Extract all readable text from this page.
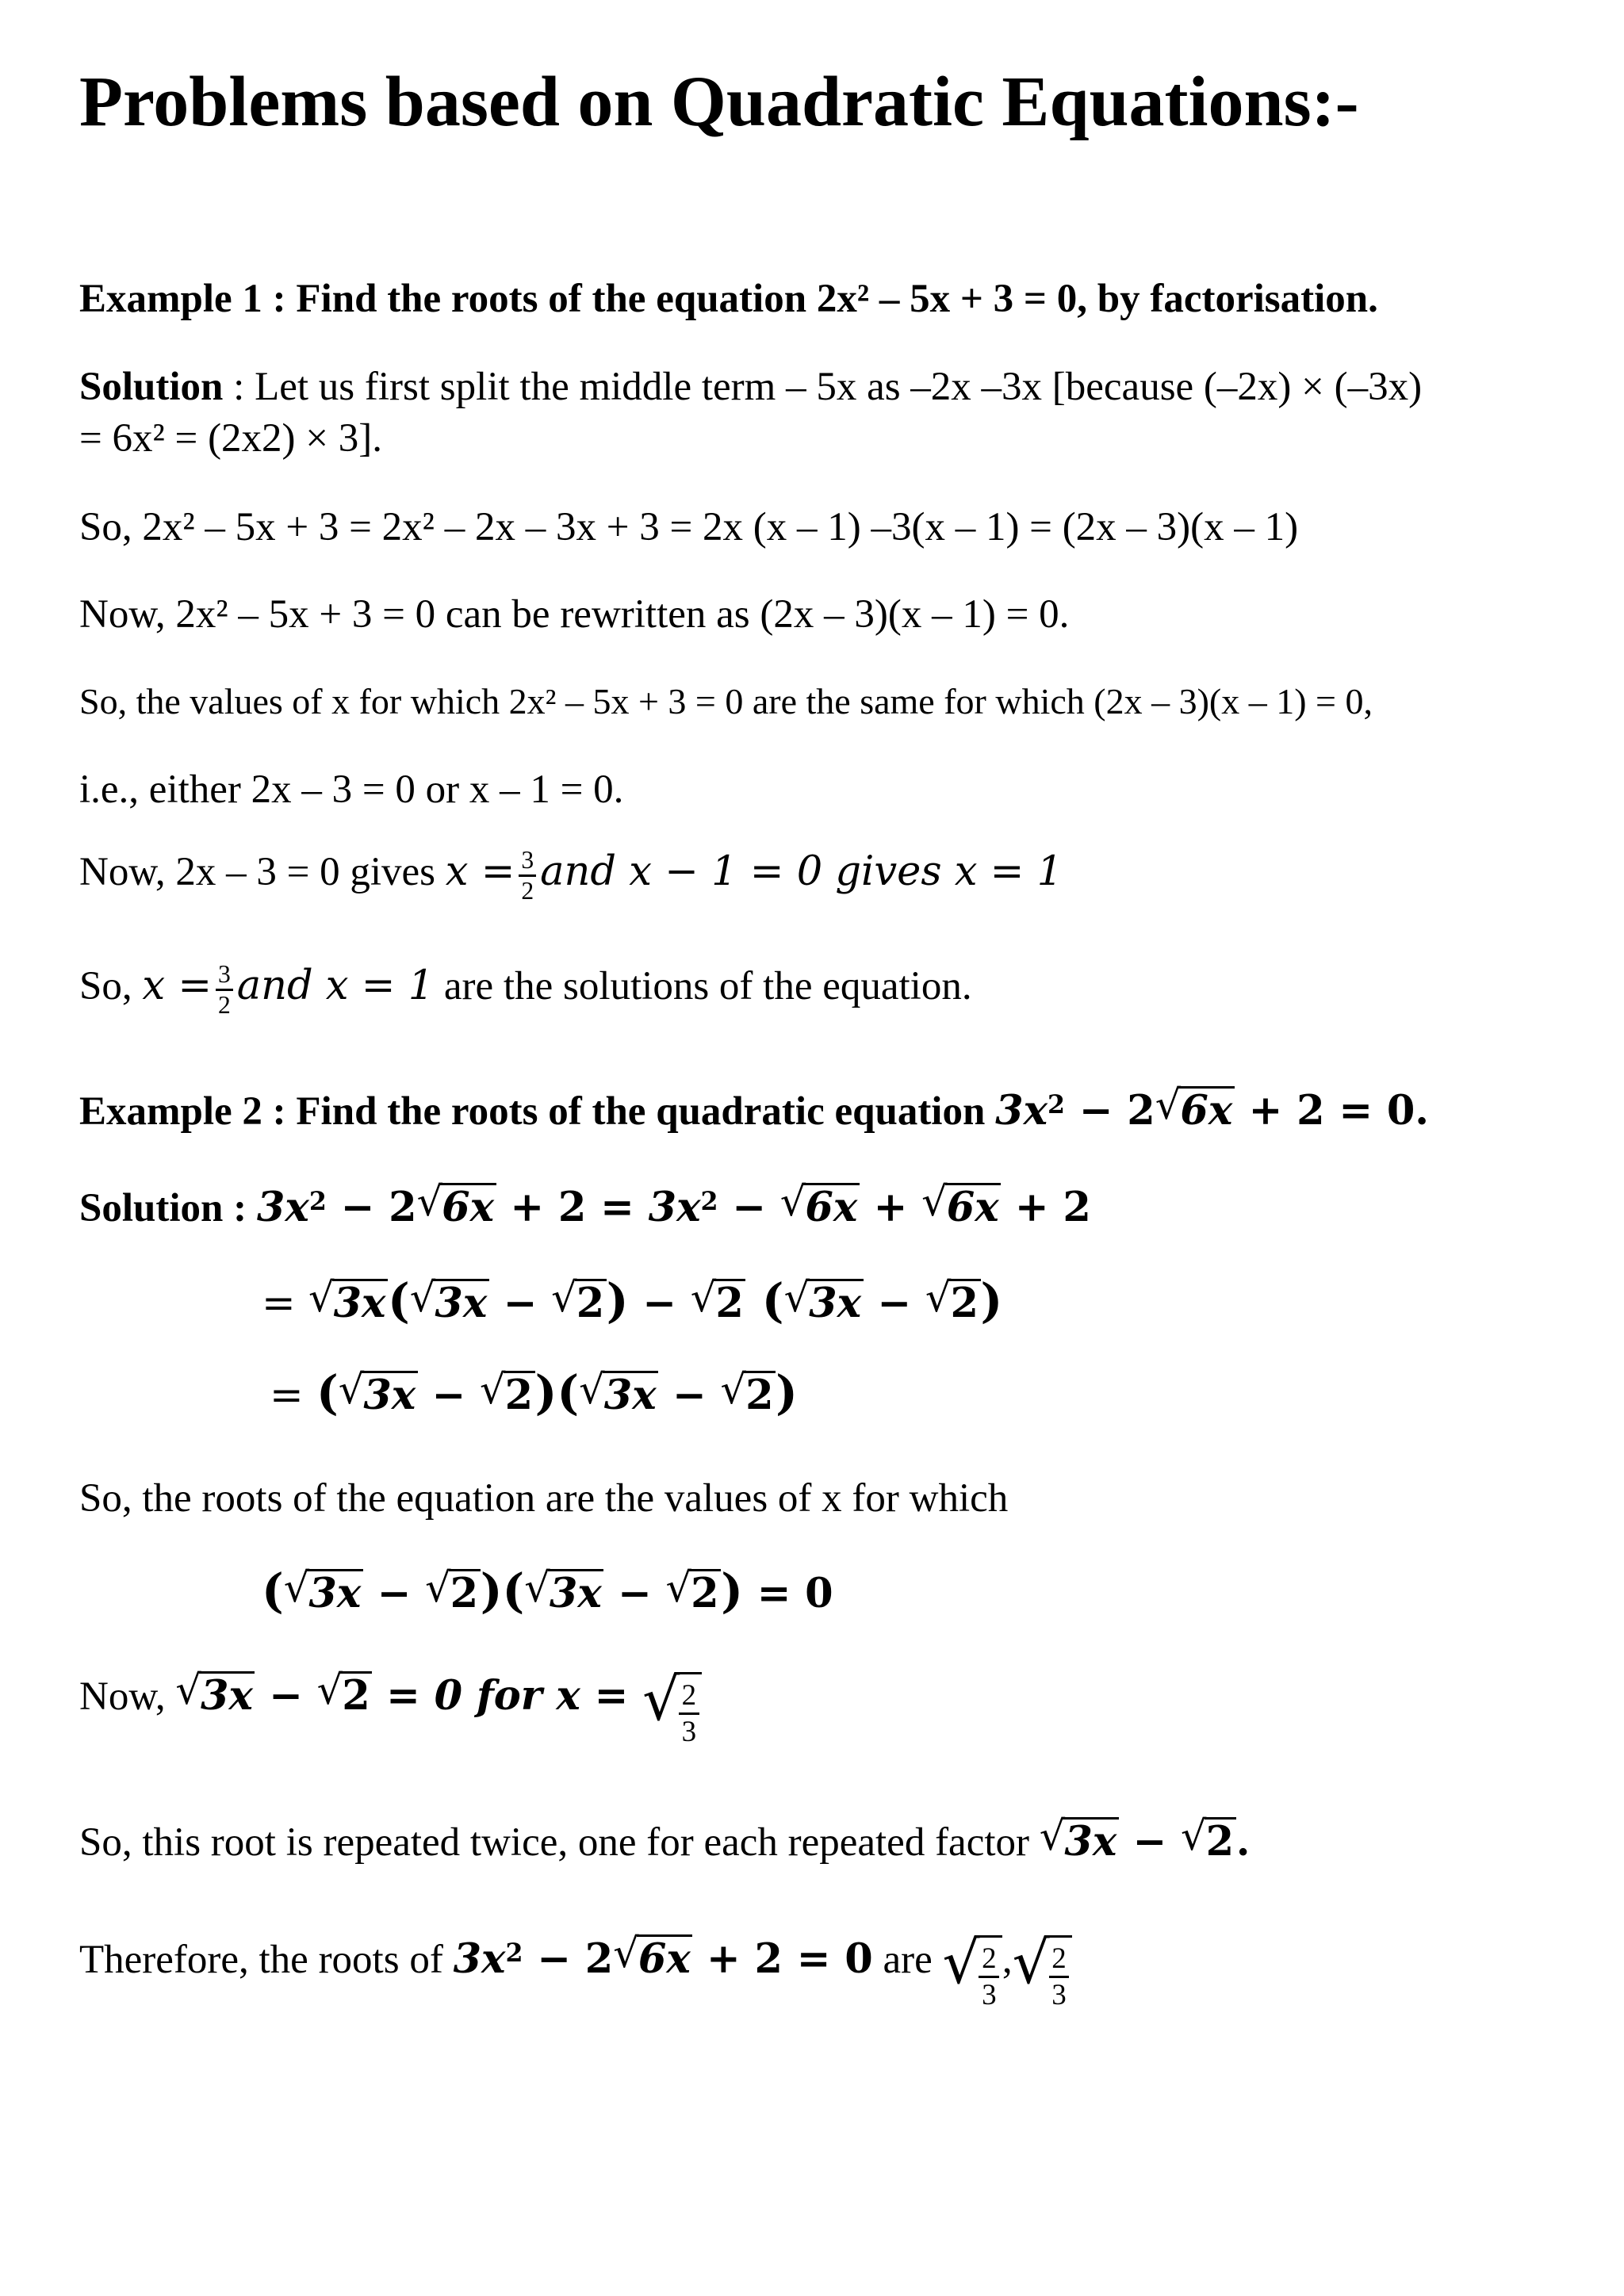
Problems based on Quadratic Equations:-
Example 1 : Find the roots of the equation 2x² – 5x + 3 = 0, by factorisation.
Solution : Let us first split the middle term – 5x as –2x –3x [because (–2x) × (–3x)
= 6x² = (2x2) × 3].
So, 2x² – 5x + 3 = 2x² – 2x – 3x + 3 = 2x (x – 1) –3(x – 1) = (2x – 3)(x – 1)
Now, 2x² – 5x + 3 = 0 can be rewritten as (2x – 3)(x – 1) = 0.
So, the values of x for which 2x² – 5x + 3 = 0 are the same for which (2x – 3)(x – 1) = 0,
i.e., either 2x – 3 = 0 or x – 1 = 0.
Now, 2x – 3 = 0 gives $x = \frac{3}{2}$ and x − 1 = 0 gives x = 1
So, $x = \frac{3}{2}$ and x = 1 are the solutions of the equation.
Example 2 : Find the roots of the quadratic equation $3x^2 - 2√$ 6x + 2 = 0.
Solution : $3x^2 - 2√$ $6x + 2 = 3x^2$ − √ 6x + √ 6x + 2
= √ 3x(√ 3x − √ 2) − √ 2 (√ 3x − √ 2)
= (√ 3x − √ 2)(√ 3x − √ 2)
So, the roots of the equation are the values of x for which
(√ 3x − √ 2)(√ 3x − √ 2) = 0
Now, √ 3x − √ 2 = 0 for x =
√ $\frac{2}{3}$
So, this root is repeated twice, one for each repeated factor √ 3x − √ 2.
Therefore, the roots of $3x^2 - 2√$ 6x + 2 = 0 are
√ $\frac{2}{3}$ ,
√ $\frac{2}{3}$
